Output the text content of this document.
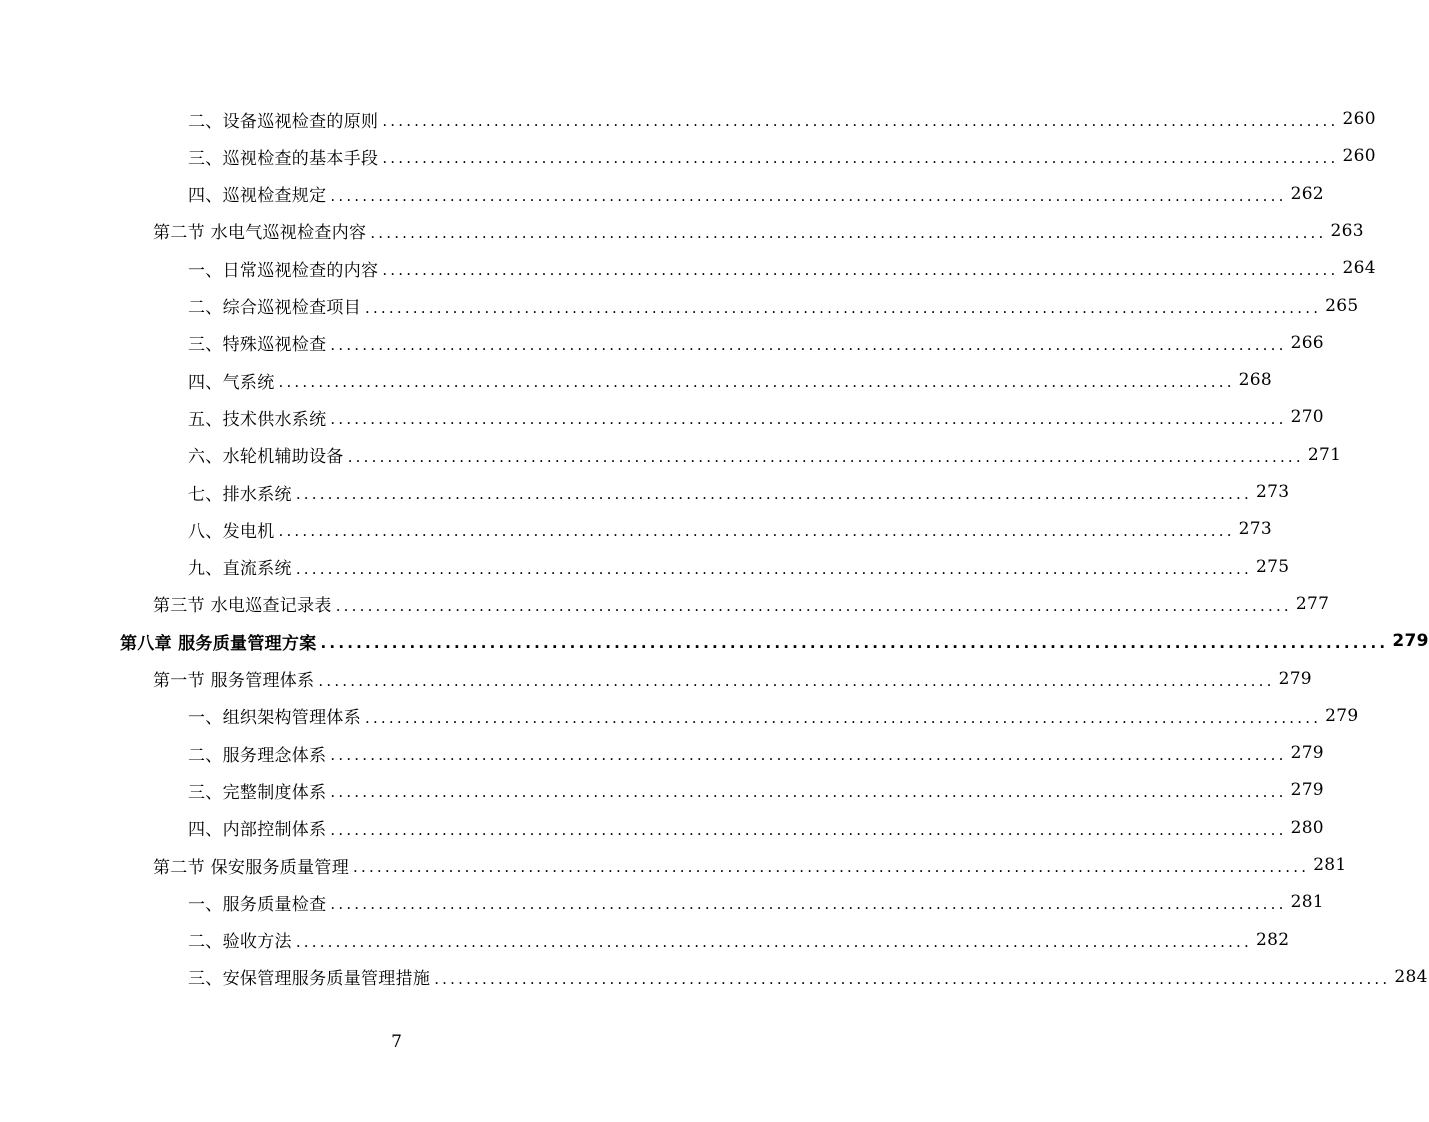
二、设备巡视检查的原则 ........................................................................................................................ 260
三、巡视检查的基本手段 ........................................................................................................................ 260
四、巡视检查规定 ........................................................................................................................ 262
第二节 水电气巡视检查内容 ........................................................................................................................ 263
一、日常巡视检查的内容 ........................................................................................................................ 264
二、综合巡视检查项目 ........................................................................................................................ 265
三、特殊巡视检查 ........................................................................................................................ 266
四、气系统 ........................................................................................................................ 268
五、技术供水系统 ........................................................................................................................ 270
六、水轮机辅助设备 ........................................................................................................................ 271
七、排水系统 ........................................................................................................................ 273
八、发电机 ........................................................................................................................ 273
九、直流系统 ........................................................................................................................ 275
第三节 水电巡查记录表 ........................................................................................................................ 277
第八章 服务质量管理方案 ........................................................................................................................ 279
第一节 服务管理体系 ........................................................................................................................ 279
一、组织架构管理体系 ........................................................................................................................ 279
二、服务理念体系 ........................................................................................................................ 279
三、完整制度体系 ........................................................................................................................ 279
四、内部控制体系 ........................................................................................................................ 280
第二节 保安服务质量管理 ........................................................................................................................ 281
一、服务质量检查 ........................................................................................................................ 281
二、验收方法 ........................................................................................................................ 282
三、安保管理服务质量管理措施 ........................................................................................................................ 284
7
